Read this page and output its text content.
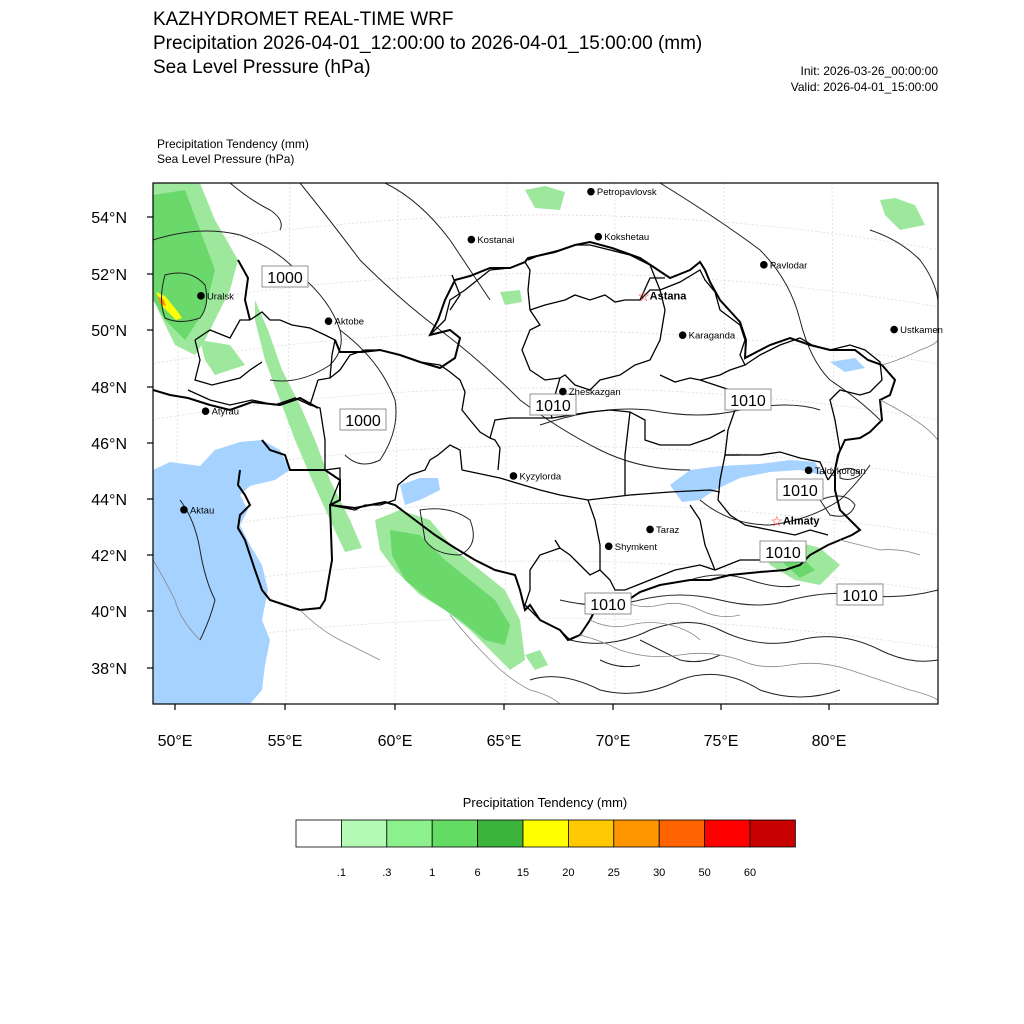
KAZHYDROMET REAL-TIME WRF
Precipitation 2026-04-01_12:00:00 to 2026-04-01_15:00:00 (mm)
Sea Level Pressure (hPa)	Init: 2026-03-26_00:00:00
Valid: 2026-04-01_15:00:00
Precipitation Tendency (mm)
Sea Level Pressure (hPa)
54°N
52°N
50°N
48°N
46°N
44°N
42°N
40°N
38°N
50°E	55°E	60°E	65°E	70°E	75°E	80°E
1000
1000
1010	1010
1010
1010
1010
1010
Petropavlovsk
Kostanai	Kokshetau
Pavlodar
Uralsk
Aktobe
☆ Astana
Ustkamen
Karaganda
Atyrau
Zheskazgan
Aktau
Taldykorgan
Kyzylorda
☆ Almaty
Taraz
Shymkent
Precipitation Tendency (mm)
.1	.3	1	6	15	20	25	30	50	60
